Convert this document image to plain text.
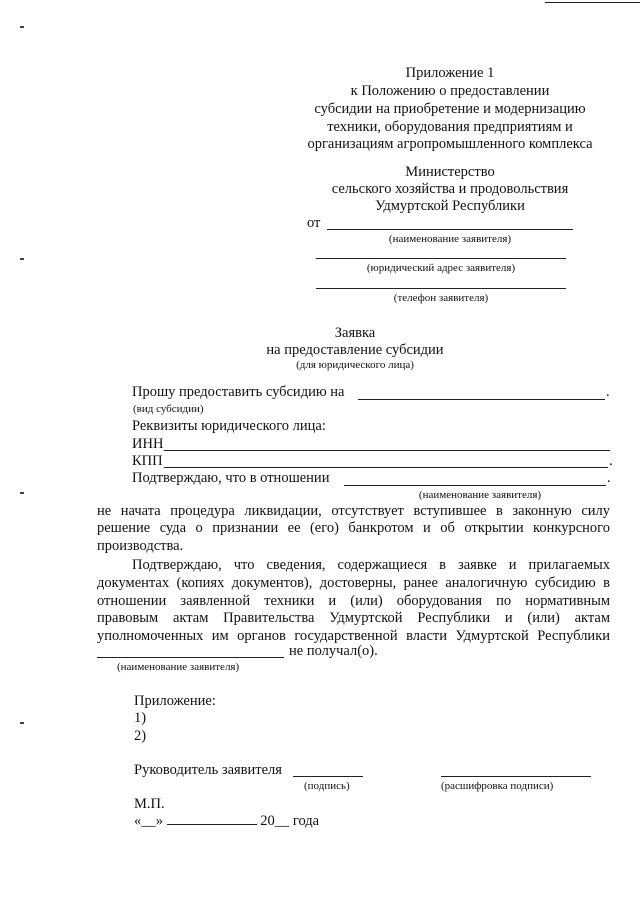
Приложение 1
к Положению о предоставлении
субсидии на приобретение и модернизацию
техники, оборудования предприятиям и
организациям агропромышленного комплекса
Министерство
сельского хозяйства и продовольствия
Удмуртской Республики
от
(наименование заявителя)
(юридический адрес заявителя)
(телефон заявителя)
Заявка
на предоставление субсидии
(для юридического лица)
Прошу предоставить субсидию на	.
(вид субсидии)
Реквизиты юридического лица:
ИНН
КПП	.
Подтверждаю, что в отношении	.
(наименование заявителя)
не начата процедура ликвидации, отсутствует вступившее в законную силу
решение суда о признании ее (его) банкротом и об открытии конкурсного
производства.
Подтверждаю, что сведения, содержащиеся в заявке и прилагаемых
документах (копиях документов), достоверны, ранее аналогичную субсидию в
отношении заявленной техники и (или) оборудования по нормативным
правовым актам Правительства Удмуртской Республики и (или) актам
уполномоченных им органов государственной власти Удмуртской Республики
не получал(о).
(наименование заявителя)
Приложение:
1)
2)
Руководитель заявителя
(подпись)	(расшифровка подписи)
М.П.
«__»	20__ года
